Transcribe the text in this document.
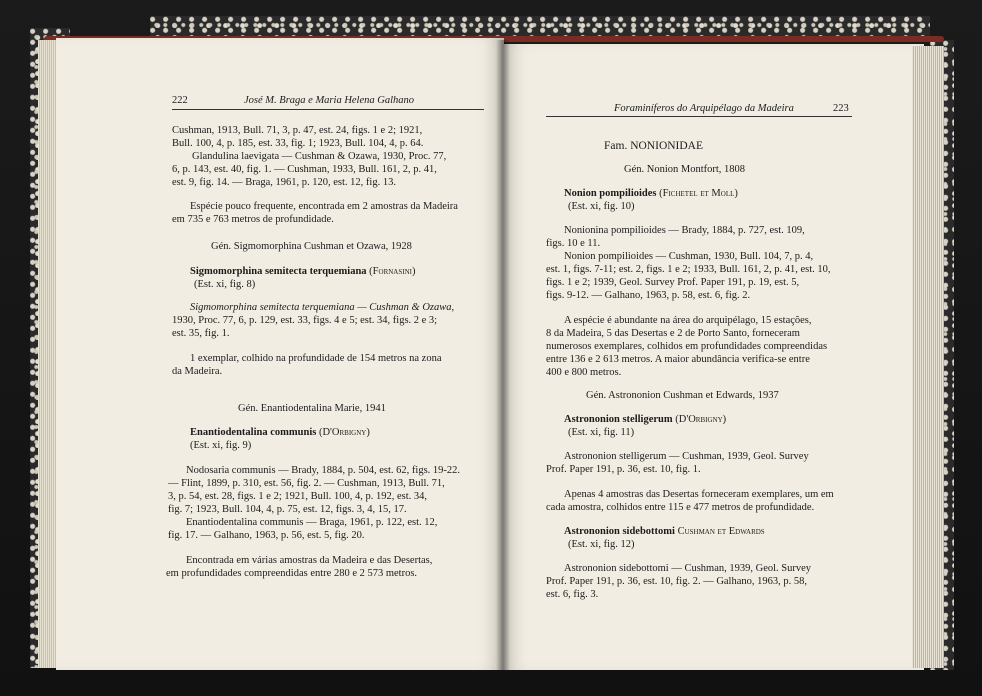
222	José M. Braga e Maria Helena Galhano
Cushman, 1913, Bull. 71, 3, p. 47, est. 24, figs. 1 e 2; 1921,
Bull. 100, 4, p. 185, est. 33, fig. 1; 1923, Bull. 104, 4, p. 64.
Glandulina laevigata — Cushman & Ozawa, 1930, Proc. 77,
6, p. 143, est. 40, fig. 1. — Cushman, 1933, Bull. 161, 2, p. 41,
est. 9, fig. 14. — Braga, 1961, p. 120, est. 12, fig. 13.
Espécie pouco frequente, encontrada em 2 amostras da Madeira
em 735 e 763 metros de profundidade.
Gén. Sigmomorphina Cushman et Ozawa, 1928
Sigmomorphina semitecta terquemiana (Fornasini)
(Est. xi, fig. 8)
Sigmomorphina semitecta terquemiana — Cushman & Ozawa,
1930, Proc. 77, 6, p. 129, est. 33, figs. 4 e 5; est. 34, figs. 2 e 3;
est. 35, fig. 1.
1 exemplar, colhido na profundidade de 154 metros na zona
da Madeira.
Gén. Enantiodentalina Marie, 1941
Enantiodentalina communis (D'Orbigny)
(Est. xi, fig. 9)
Nodosaria communis — Brady, 1884, p. 504, est. 62, figs. 19-22.
— Flint, 1899, p. 310, est. 56, fig. 2. — Cushman, 1913, Bull. 71,
3, p. 54, est. 28, figs. 1 e 2; 1921, Bull. 100, 4, p. 192, est. 34,
fig. 7; 1923, Bull. 104, 4, p. 75, est. 12, figs. 3, 4, 15, 17.
Enantiodentalina communis — Braga, 1961, p. 122, est. 12,
fig. 17. — Galhano, 1963, p. 56, est. 5, fig. 20.
Encontrada em várias amostras da Madeira e das Desertas,
em profundidades compreendidas entre 280 e 2 573 metros.
Foraminíferos do Arquipélago da Madeira	223
Fam. NONIONIDAE
Gén. Nonion Montfort, 1808
Nonion pompilioides (Fichetel et Moll)
(Est. xi, fig. 10)
Nonionina pompilioides — Brady, 1884, p. 727, est. 109,
figs. 10 e 11.
Nonion pompilioides — Cushman, 1930, Bull. 104, 7, p. 4,
est. 1, figs. 7-11; est. 2, figs. 1 e 2; 1933, Bull. 161, 2, p. 41, est. 10,
figs. 1 e 2; 1939, Geol. Survey Prof. Paper 191, p. 19, est. 5,
figs. 9-12. — Galhano, 1963, p. 58, est. 6, fig. 2.
A espécie é abundante na área do arquipélago, 15 estações,
8 da Madeira, 5 das Desertas e 2 de Porto Santo, forneceram
numerosos exemplares, colhidos em profundidades compreendidas
entre 136 e 2 613 metros. A maior abundância verifica-se entre
400 e 800 metros.
Gén. Astrononion Cushman et Edwards, 1937
Astrononion stelligerum (D'Orbigny)
(Est. xi, fig. 11)
Astrononion stelligerum — Cushman, 1939, Geol. Survey
Prof. Paper 191, p. 36, est. 10, fig. 1.
Apenas 4 amostras das Desertas forneceram exemplares, um em
cada amostra, colhidos entre 115 e 477 metros de profundidade.
Astrononion sidebottomi Cushman et Edwards
(Est. xi, fig. 12)
Astrononion sidebottomi — Cushman, 1939, Geol. Survey
Prof. Paper 191, p. 36, est. 10, fig. 2. — Galhano, 1963, p. 58,
est. 6, fig. 3.
